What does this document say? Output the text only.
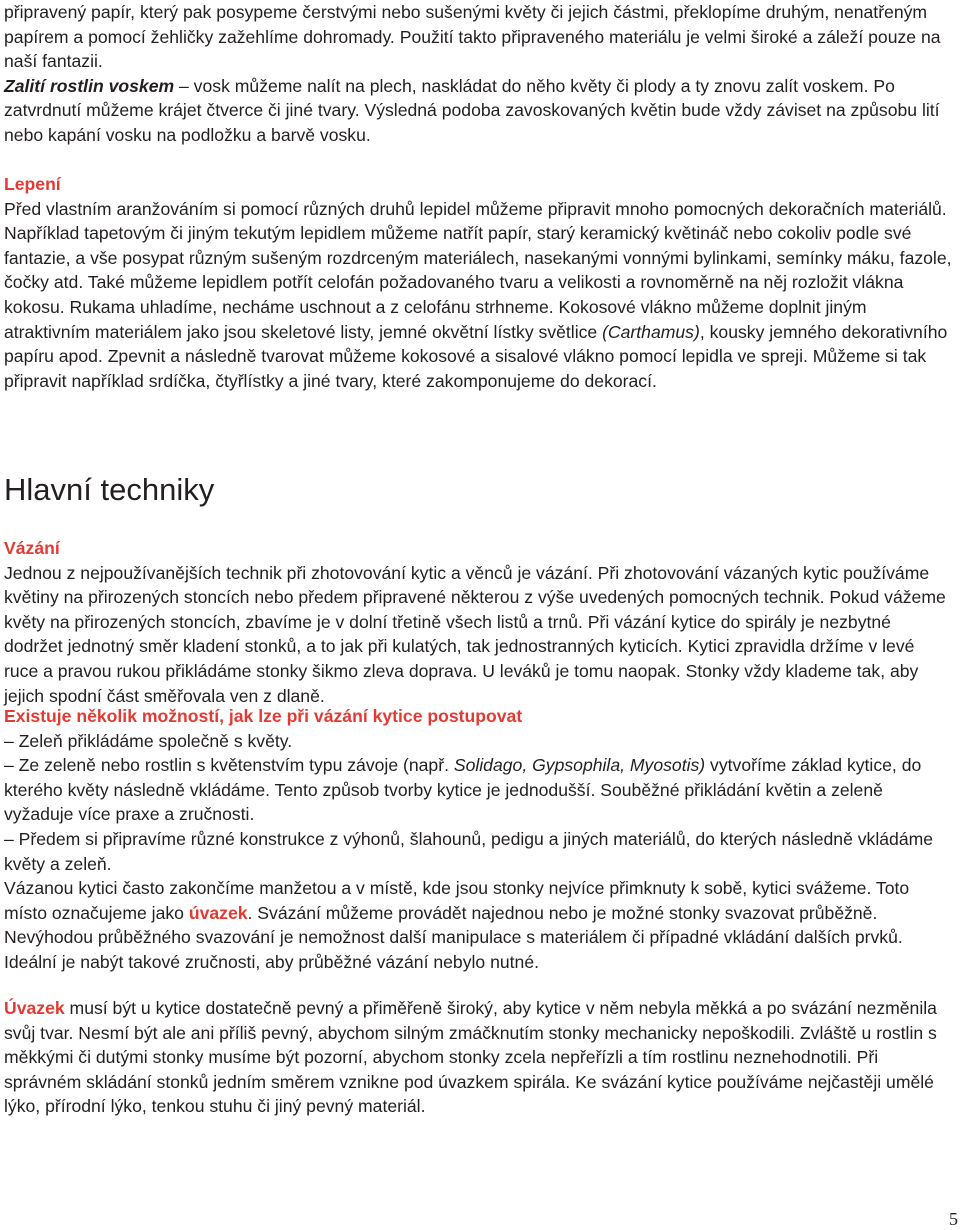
připravený papír, který pak posypeme čerstvými nebo sušenými květy či jejich částmi, překlopíme druhým, nenatřeným papírem a pomocí žehličky zažehlíme dohromady. Použití takto připraveného materiálu je velmi široké a záleží pouze na naší fantazii.
Zalití rostlin voskem – vosk můžeme nalít na plech, naskládat do něho květy či plody a ty znovu zalít voskem. Po zatvrdnutí můžeme krájet čtverce či jiné tvary. Výsledná podoba zavoskovaných květin bude vždy záviset na způsobu lití nebo kapání vosku na podložku a barvě vosku.

Lepení
Před vlastním aranžováním si pomocí různých druhů lepidel můžeme připravit mnoho pomocných dekoračních materiálů. Například tapetovým či jiným tekutým lepidlem můžeme natřít papír, starý keramický květináč nebo cokoliv podle své fantazie, a vše posypat různým sušeným rozdrceným materiálech, nasekanými vonnými bylinkami, semínky máku, fazole, čočky atd. Také můžeme lepidlem potřít celofán požadovaného tvaru a velikosti a rovnoměrně na něj rozložit vlákna kokosu. Rukama uhladíme, necháme uschnout a z celofánu strhneme. Kokosové vlákno můžeme doplnit jiným atraktivním materiálem jako jsou skeletové listy, jemné okvětní lístky světlice (Carthamus), kousky jemného dekorativního papíru apod. Zpevnit a následně tvarovat můžeme kokosové a sisalové vlákno pomocí lepidla ve spreji. Můžeme si tak připravit například srdíčka, čtyřlístky a jiné tvary, které zakomponujeme do dekorací.
Hlavní techniky
Vázání
Jednou z nejpoužívanějších technik při zhotovování kytic a věnců je vázání. Při zhotovování vázaných kytic používáme květiny na přirozených stoncích nebo předem připravené některou z výše uvedených pomocných technik. Pokud vážeme květy na přirozených stoncích, zbavíme je v dolní třetině všech listů a trnů. Při vázání kytice do spirály je nezbytné dodržet jednotný směr kladení stonků, a to jak při kulatých, tak jednostranných kyticích. Kytici zpravidla držíme v levé ruce a pravou rukou přikládáme stonky šikmo zleva doprava. U leváků je tomu naopak. Stonky vždy klademe tak, aby jejich spodní část směřovala ven z dlaně.
Existuje několik možností, jak lze při vázání kytice postupovat
– Zeleň přikládáme společně s květy.
– Ze zeleně nebo rostlin s květenstvím typu závoje (např. Solidago, Gypsophila, Myosotis) vytvoříme základ kytice, do kterého květy následně vkládáme. Tento způsob tvorby kytice je jednodušší. Souběžné přikládání květin a zeleně vyžaduje více praxe a zručnosti.
– Předem si připravíme různé konstrukce z výhonů, šlahounů, pedigu a jiných materiálů, do kterých následně vkládáme květy a zeleň.

Vázanou kytici často zakončíme manžetou a v místě, kde jsou stonky nejvíce přimknuty k sobě, kytici svážeme. Toto místo označujeme jako úvazek. Svázání můžeme provádět najednou nebo je možné stonky svazovat průběžně. Nevýhodou průběžného svazování je nemožnost další manipulace s materiálem či případné vkládání dalších prvků. Ideální je nabýt takové zručnosti, aby průběžné vázání nebylo nutné.

Úvazek musí být u kytice dostatečně pevný a přiměřeně široký, aby kytice v něm nebyla měkká a po svázání nezměnila svůj tvar. Nesmí být ale ani příliš pevný, abychom silným zmáčknutím stonky mechanicky nepoškodili. Zvláště u rostlin s měkkými či dutými stonky musíme být pozorní, abychom stonky zcela nepřeřízli a tím rostlinu neznehodnotili. Při správném skládání stonků jedním směrem vznikne pod úvazkem spirála. Ke svázání kytice používáme nejčastěji umělé lýko, přírodní lýko, tenkou stuhu či jiný pevný materiál.

5
